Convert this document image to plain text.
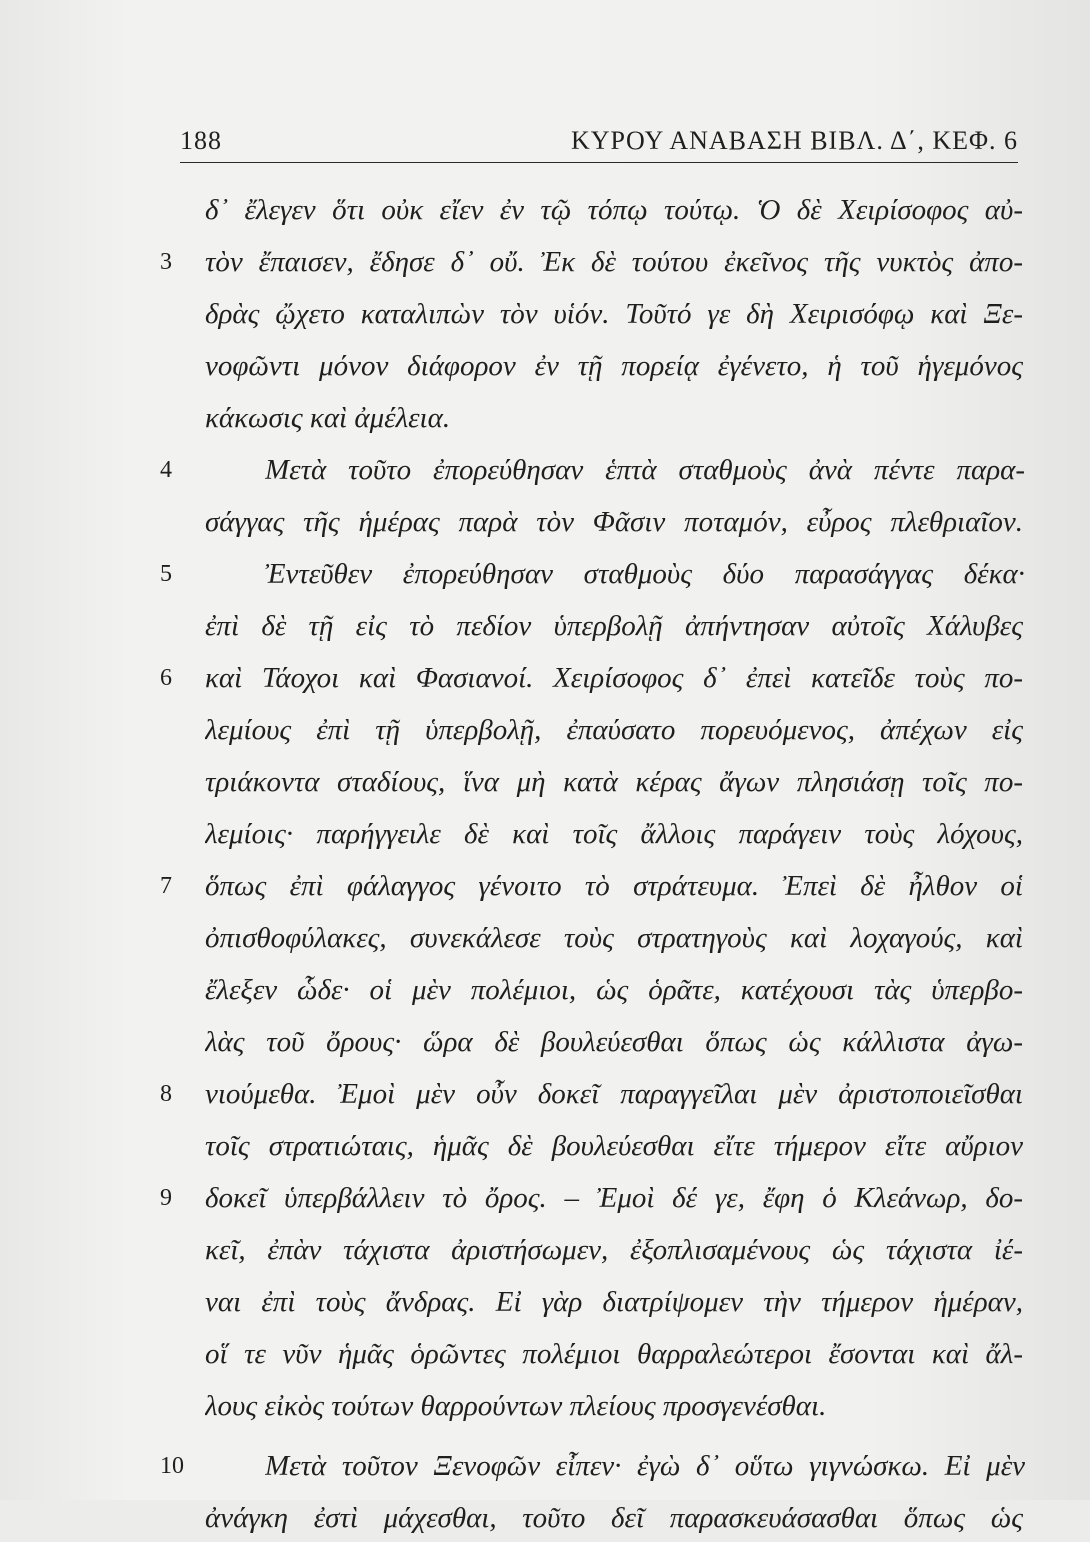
188	ΚΥΡΟΥ ΑΝΑΒΑΣΗ ΒΙΒΛ. Δ΄, ΚΕΦ. 6
δ᾽ ἔλεγεν ὅτι οὐκ εἴεν ἐν τῷ τόπῳ τούτῳ. Ὁ δὲ Χειρίσοφος αὐ-
3	τὸν ἔπαισεν, ἔδησε δ᾽ οὔ. Ἐκ δὲ τούτου ἐκεῖνος τῆς νυκτὸς ἀπο-
δρὰς ᾤχετο καταλιπὼν τὸν υἱόν. Τοῦτό γε δὴ Χειρισόφῳ καὶ Ξε-
νοφῶντι μόνον διάφορον ἐν τῇ πορείᾳ ἐγένετο, ἡ τοῦ ἡγεμόνος
κάκωσις καὶ ἀμέλεια.
4	Μετὰ τοῦτο ἐπορεύθησαν ἑπτὰ σταθμοὺς ἀνὰ πέντε παρα-
σάγγας τῆς ἡμέρας παρὰ τὸν Φᾶσιν ποταμόν, εὖρος πλεθριαῖον.
5	Ἐντεῦθεν ἐπορεύθησαν σταθμοὺς δύο παρασάγγας δέκα·
ἐπὶ δὲ τῇ εἰς τὸ πεδίον ὑπερβολῇ ἀπήντησαν αὐτοῖς Χάλυβες
6	καὶ Τάοχοι καὶ Φασιανοί. Χειρίσοφος δ᾽ ἐπεὶ κατεῖδε τοὺς πο-
λεμίους ἐπὶ τῇ ὑπερβολῇ, ἐπαύσατο πορευόμενος, ἀπέχων εἰς
τριάκοντα σταδίους, ἵνα μὴ κατὰ κέρας ἄγων πλησιάσῃ τοῖς πο-
λεμίοις· παρήγγειλε δὲ καὶ τοῖς ἄλλοις παράγειν τοὺς λόχους,
7	ὅπως ἐπὶ φάλαγγος γένοιτο τὸ στράτευμα. Ἐπεὶ δὲ ἦλθον οἱ
ὀπισθοφύλακες, συνεκάλεσε τοὺς στρατηγοὺς καὶ λοχαγούς, καὶ
ἔλεξεν ὧδε· οἱ μὲν πολέμιοι, ὡς ὁρᾶτε, κατέχουσι τὰς ὑπερβο-
λὰς τοῦ ὄρους· ὥρα δὲ βουλεύεσθαι ὅπως ὡς κάλλιστα ἀγω-
8	νιούμεθα. Ἐμοὶ μὲν οὖν δοκεῖ παραγγεῖλαι μὲν ἀριστοποιεῖσθαι
τοῖς στρατιώταις, ἡμᾶς δὲ βουλεύεσθαι εἴτε τήμερον εἴτε αὔριον
9	δοκεῖ ὑπερβάλλειν τὸ ὄρος. – Ἐμοὶ δέ γε, ἔφη ὁ Κλεάνωρ, δο-
κεῖ, ἐπὰν τάχιστα ἀριστήσωμεν, ἐξοπλισαμένους ὡς τάχιστα ἰέ-
ναι ἐπὶ τοὺς ἄνδρας. Εἰ γὰρ διατρίψομεν τὴν τήμερον ἡμέραν,
οἵ τε νῦν ἡμᾶς ὁρῶντες πολέμιοι θαρραλεώτεροι ἔσονται καὶ ἄλ-
λους εἰκὸς τούτων θαρρούντων πλείους προσγενέσθαι.
10	Μετὰ τοῦτον Ξενοφῶν εἶπεν· ἐγὼ δ᾽ οὕτω γιγνώσκω. Εἰ μὲν
ἀνάγκη ἐστὶ μάχεσθαι, τοῦτο δεῖ παρασκευάσασθαι ὅπως ὡς
